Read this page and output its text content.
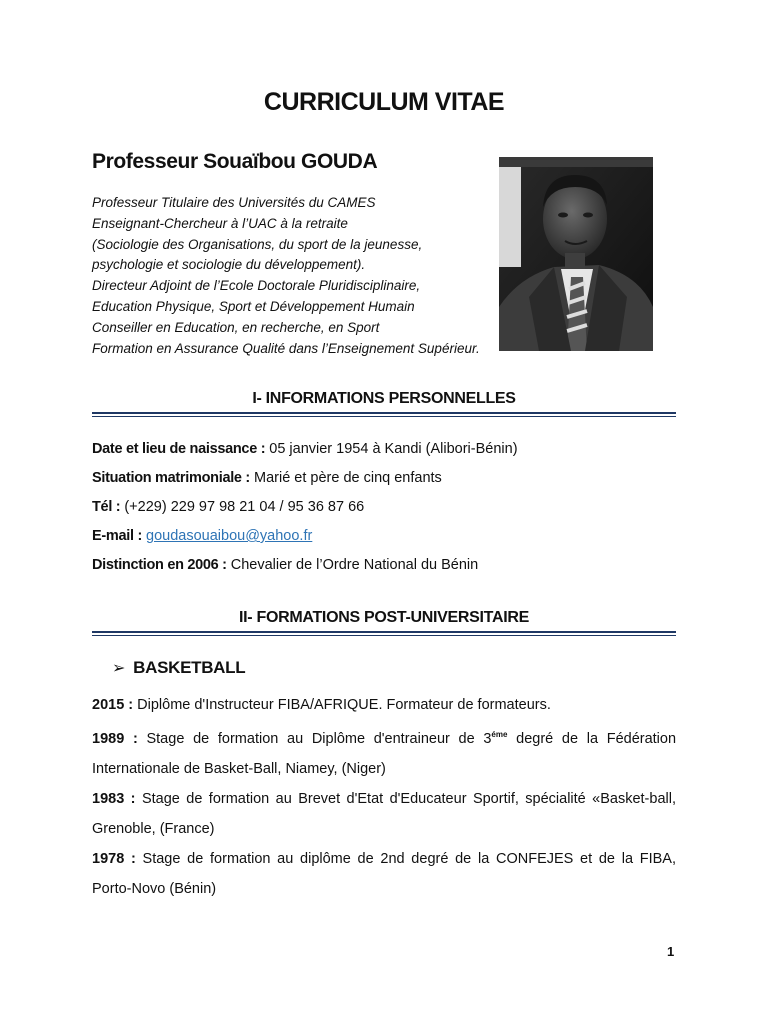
CURRICULUM VITAE
Professeur Souaïbou GOUDA
Professeur Titulaire des Universités du CAMES
Enseignant-Chercheur à l’UAC à la retraite
(Sociologie des Organisations, du sport de la jeunesse,
psychologie et sociologie du développement).
Directeur Adjoint de l’Ecole Doctorale Pluridisciplinaire,
Education Physique, Sport et Développement Humain
Conseiller en Education, en recherche, en Sport
Formation en Assurance Qualité dans l’Enseignement Supérieur.
I- INFORMATIONS PERSONNELLES
Date et lieu de naissance : 05 janvier 1954 à Kandi (Alibori-Bénin)
Situation matrimoniale : Marié et père de cinq enfants
Tél : (+229) 229 97 98 21 04 / 95 36 87 66
E-mail : goudasouaibou@yahoo.fr
Distinction en 2006 : Chevalier de l’Ordre National du Bénin
II- FORMATIONS POST-UNIVERSITAIRE
➢ BASKETBALL

2015 : Diplôme d'Instructeur FIBA/AFRIQUE. Formateur de formateurs.

1989 : Stage de formation au Diplôme d'entraineur de $3^{éme}$ degré de la Fédération Internationale de Basket-Ball, Niamey, (Niger)

1983 : Stage de formation au Brevet d'Etat d'Educateur Sportif, spécialité «Basket-ball, Grenoble, (France)

1978 : Stage de formation au diplôme de 2nd degré de la CONFEJES et de la FIBA, Porto-Novo (Bénin)

1
